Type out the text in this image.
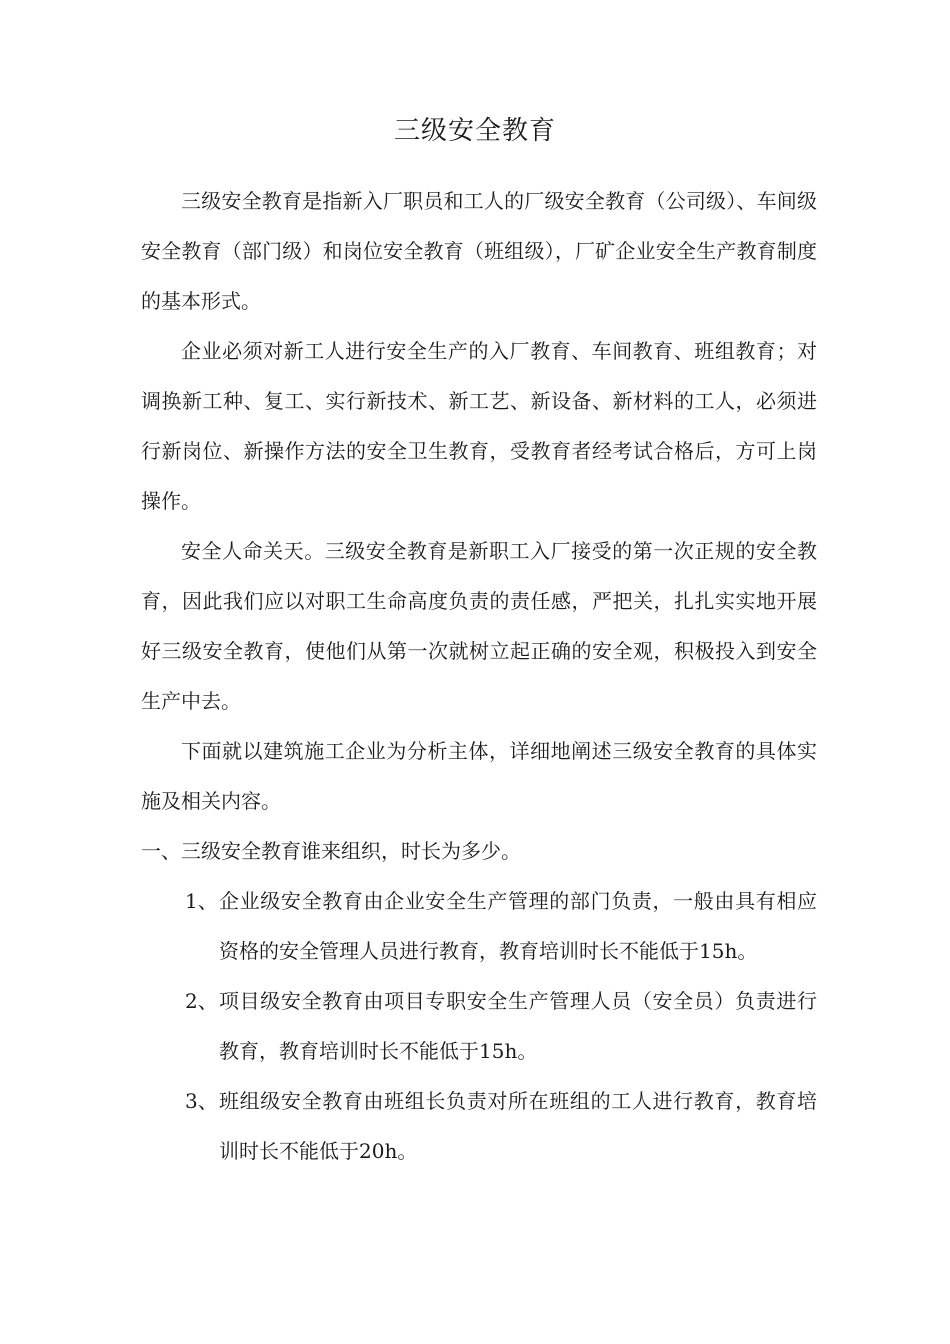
三级安全教育

三级安全教育是指新入厂职员和工人的厂级安全教育（公司级）、车间级安全教育（部门级）和岗位安全教育（班组级），厂矿企业安全生产教育制度的基本形式。

企业必须对新工人进行安全生产的入厂教育、车间教育、班组教育；对调换新工种、复工、实行新技术、新工艺、新设备、新材料的工人，必须进行新岗位、新操作方法的安全卫生教育，受教育者经考试合格后，方可上岗操作。

安全人命关天。三级安全教育是新职工入厂接受的第一次正规的安全教育，因此我们应以对职工生命高度负责的责任感，严把关，扎扎实实地开展好三级安全教育，使他们从第一次就树立起正确的安全观，积极投入到安全生产中去。

下面就以建筑施工企业为分析主体，详细地阐述三级安全教育的具体实施及相关内容。

一、三级安全教育谁来组织，时长为多少。

1、 企业级安全教育由企业安全生产管理的部门负责，一般由具有相应资格的安全管理人员进行教育，教育培训时长不能低于15h。
2、 项目级安全教育由项目专职安全生产管理人员（安全员）负责进行教育，教育培训时长不能低于15h。
3、 班组级安全教育由班组长负责对所在班组的工人进行教育，教育培训时长不能低于20h。
